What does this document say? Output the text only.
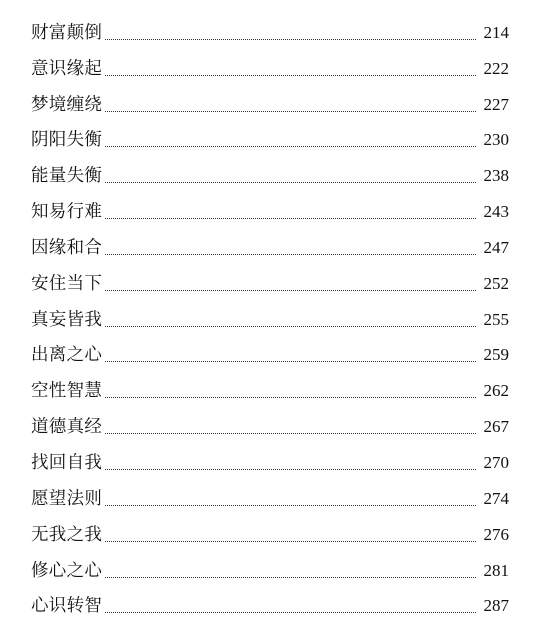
财富颠倒	214
意识缘起	222
梦境缠绕	227
阴阳失衡	230
能量失衡	238
知易行难	243
因缘和合	247
安住当下	252
真妄皆我	255
出离之心	259
空性智慧	262
道德真经	267
找回自我	270
愿望法则	274
无我之我	276
修心之心	281
心识转智	287
